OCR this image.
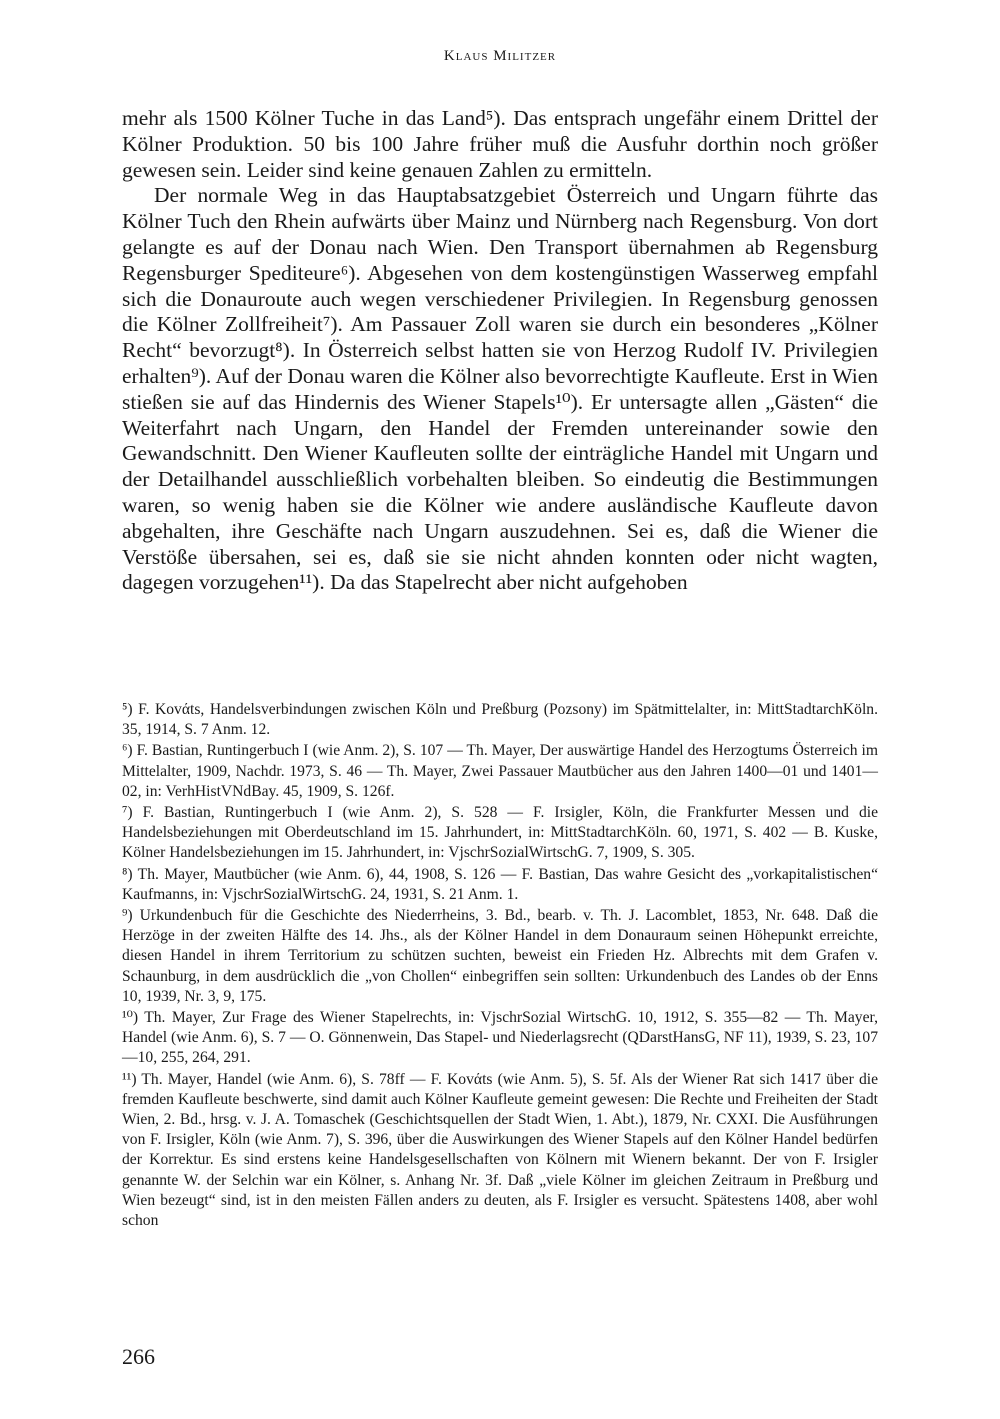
Klaus Militzer

mehr als 1500 Kölner Tuche in das Land⁵). Das entsprach ungefähr einem Drittel der Kölner Produktion. 50 bis 100 Jahre früher muß die Ausfuhr dorthin noch größer gewesen sein. Leider sind keine genauen Zahlen zu ermitteln.

Der normale Weg in das Hauptabsatzgebiet Österreich und Ungarn führte das Kölner Tuch den Rhein aufwärts über Mainz und Nürnberg nach Regensburg. Von dort gelangte es auf der Donau nach Wien. Den Transport übernahmen ab Regensburg Regensburger Spediteure⁶). Abgesehen von dem kostengünstigen Wasserweg empfahl sich die Donauroute auch wegen verschiedener Privilegien. In Regensburg genossen die Kölner Zollfreiheit⁷). Am Passauer Zoll waren sie durch ein besonderes „Kölner Recht“ bevorzugt⁸). In Österreich selbst hatten sie von Herzog Rudolf IV. Privilegien erhalten⁹). Auf der Donau waren die Kölner also bevorrechtigte Kaufleute. Erst in Wien stießen sie auf das Hindernis des Wiener Stapels¹⁰). Er untersagte allen „Gästen“ die Weiterfahrt nach Ungarn, den Handel der Fremden untereinander sowie den Gewandschnitt. Den Wiener Kaufleuten sollte der einträgliche Handel mit Ungarn und der Detailhandel ausschließlich vorbehalten bleiben. So eindeutig die Bestimmungen waren, so wenig haben sie die Kölner wie andere ausländische Kaufleute davon abgehalten, ihre Geschäfte nach Ungarn auszudehnen. Sei es, daß die Wiener die Verstöße übersahen, sei es, daß sie sie nicht ahnden konnten oder nicht wagten, dagegen vorzugehen¹¹). Da das Stapelrecht aber nicht aufgehoben

⁵) F. Kovάts, Handelsverbindungen zwischen Köln und Preßburg (Pozsony) im Spätmittelalter, in: MittStadtarchKöln. 35, 1914, S. 7 Anm. 12.

⁶) F. Bastian, Runtingerbuch I (wie Anm. 2), S. 107 — Th. Mayer, Der auswärtige Handel des Herzogtums Österreich im Mittelalter, 1909, Nachdr. 1973, S. 46 — Th. Mayer, Zwei Passauer Mautbücher aus den Jahren 1400—01 und 1401—02, in: VerhHistVNdBay. 45, 1909, S. 126f.

⁷) F. Bastian, Runtingerbuch I (wie Anm. 2), S. 528 — F. Irsigler, Köln, die Frankfurter Messen und die Handelsbeziehungen mit Oberdeutschland im 15. Jahrhundert, in: MittStadtarchKöln. 60, 1971, S. 402 — B. Kuske, Kölner Handelsbeziehungen im 15. Jahrhundert, in: VjschrSozialWirtschG. 7, 1909, S. 305.

⁸) Th. Mayer, Mautbücher (wie Anm. 6), 44, 1908, S. 126 — F. Bastian, Das wahre Gesicht des „vorkapitalistischen“ Kaufmanns, in: VjschrSozialWirtschG. 24, 1931, S. 21 Anm. 1.

⁹) Urkundenbuch für die Geschichte des Niederrheins, 3. Bd., bearb. v. Th. J. Lacomblet, 1853, Nr. 648. Daß die Herzöge in der zweiten Hälfte des 14. Jhs., als der Kölner Handel in dem Donauraum seinen Höhepunkt erreichte, diesen Handel in ihrem Territorium zu schützen suchten, beweist ein Frieden Hz. Albrechts mit dem Grafen v. Schaunburg, in dem ausdrücklich die „von Chollen“ einbegriffen sein sollten: Urkundenbuch des Landes ob der Enns 10, 1939, Nr. 3, 9, 175.

¹⁰) Th. Mayer, Zur Frage des Wiener Stapelrechts, in: VjschrSozial WirtschG. 10, 1912, S. 355—82 — Th. Mayer, Handel (wie Anm. 6), S. 7 — O. Gönnenwein, Das Stapel- und Niederlagsrecht (QDarstHansG, NF 11), 1939, S. 23, 107—10, 255, 264, 291.

¹¹) Th. Mayer, Handel (wie Anm. 6), S. 78ff — F. Kovάts (wie Anm. 5), S. 5f. Als der Wiener Rat sich 1417 über die fremden Kaufleute beschwerte, sind damit auch Kölner Kaufleute gemeint gewesen: Die Rechte und Freiheiten der Stadt Wien, 2. Bd., hrsg. v. J. A. Tomaschek (Geschichtsquellen der Stadt Wien, 1. Abt.), 1879, Nr. CXXI. Die Ausführungen von F. Irsigler, Köln (wie Anm. 7), S. 396, über die Auswirkungen des Wiener Stapels auf den Kölner Handel bedürfen der Korrektur. Es sind erstens keine Handelsgesellschaften von Kölnern mit Wienern bekannt. Der von F. Irsigler genannte W. der Selchin war ein Kölner, s. Anhang Nr. 3f. Daß „viele Kölner im gleichen Zeitraum in Preßburg und Wien bezeugt“ sind, ist in den meisten Fällen anders zu deuten, als F. Irsigler es versucht. Spätestens 1408, aber wohl schon

266
